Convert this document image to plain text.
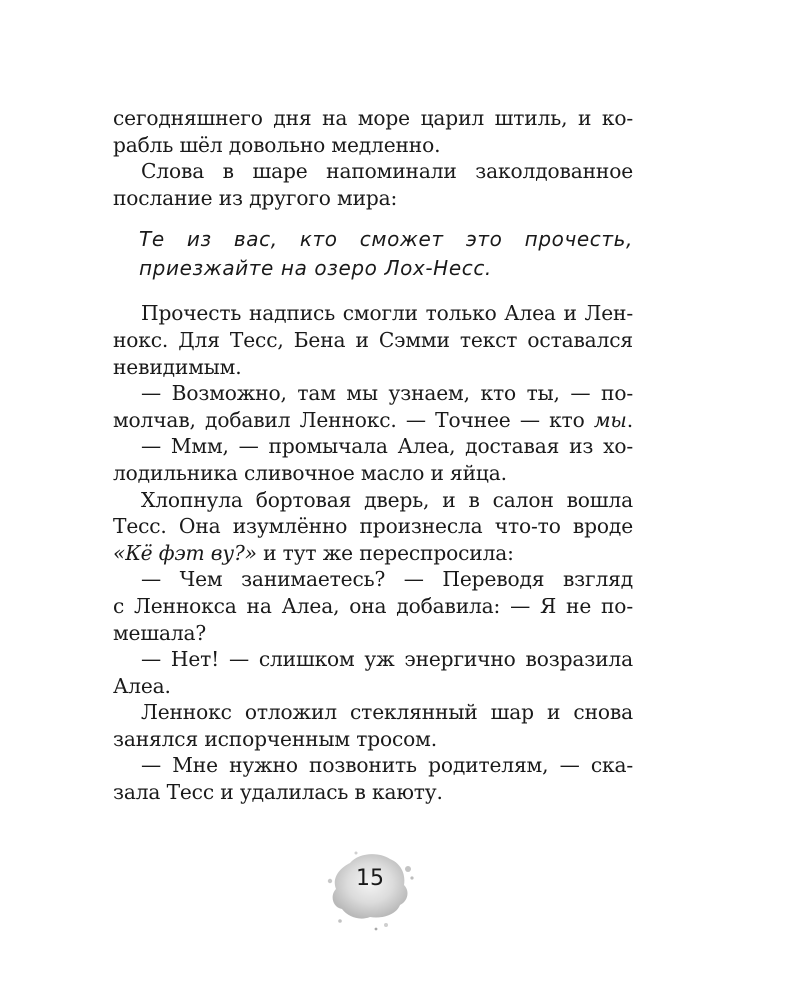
сегодняшнего дня на море царил штиль, и ко-
рабль шёл довольно медленно.
Слова в шаре напоминали заколдованное
послание из другого мира:
Те из вас, кто сможет это прочесть,
приезжайте на озеро Лох-Несс.
Прочесть надпись смогли только Алеа и Лен-
нокс. Для Тесс, Бена и Сэмми текст оставался
невидимым.
— Возможно, там мы узнаем, кто ты, — по-
молчав, добавил Леннокс. — Точнее — кто мы.
— Ммм, — промычала Алеа, доставая из хо-
лодильника сливочное масло и яйца.
Хлопнула бортовая дверь, и в салон вошла
Тесс. Она изумлённо произнесла что-то вроде
«Кё фэт ву?» и тут же переспросила:
— Чем занимаетесь? — Переводя взгляд
с Леннокса на Алеа, она добавила: — Я не по-
мешала?
— Нет! — слишком уж энергично возразила
Алеа.
Леннокс отложил стеклянный шар и снова
занялся испорченным тросом.
— Мне нужно позвонить родителям, — ска-
зала Тесс и удалилась в каюту.
15
